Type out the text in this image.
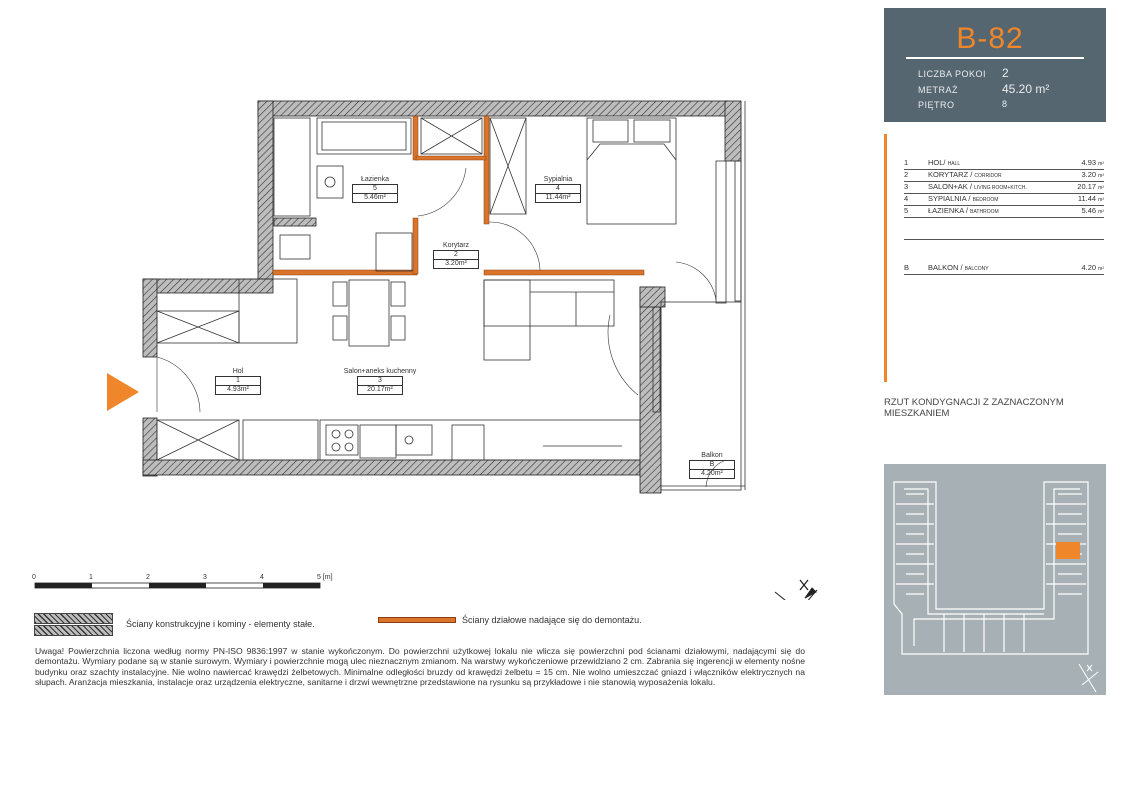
B-82
LICZBA POKOI 2
METRAŻ	45.20 m²
PIĘTRO	8
1	HOL/ HALL	4.93 m²
2	KORYTARZ / CORRIDOR	3.20 m²
3	SALON+AK / LIVING ROOM+KITCH.	20.17 m²
4	SYPIALNIA / BEDROOM	11.44 m²
5	ŁAZIENKA / BATHROOM	5.46 m²
B	BALKON / BALCONY	4.20 m²
RZUT KONDYGNACJI Z ZAZNACZONYM MIESZKANIEM
Łazienka
5
5.46m²
Sypialnia
4
11.44m²
Korytarz
2
3.20m²
Hol
1
4.93m²
Salon+aneks kuchenny
3
20.17m²
Balkon
B
4.20m²
0	1	2	3	4	5 [m]
Ściany konstrukcyjne i kominy - elementy stałe.	Ściany działowe nadające się do demontażu.
Uwaga! Powierzchnia liczona według normy PN-ISO 9836:1997 w stanie wykończonym. Do powierzchni użytkowej lokalu nie wlicza się powierzchni pod ścianami działowymi, nadającymi się do demontażu. Wymiary podane są w stanie surowym. Wymiary i powierzchnie mogą ulec nieznacznym zmianom. Na warstwy wykończeniowe przewidziano 2 cm. Zabrania się ingerencji w elementy nośne budynku oraz szachty instalacyjne. Nie wolno nawiercać krawędzi żelbetowych. Minimalne odległości bruzdy od krawędzi żelbetu = 15 cm. Nie wolno umieszczać gniazd i włączników elektrycznych na słupach. Aranżacja mieszkania, instalacje oraz urządzenia elektryczne, sanitarne i drzwi wewnętrzne przedstawione na rysunku są przykładowe i nie stanowią wyposażenia lokalu.
